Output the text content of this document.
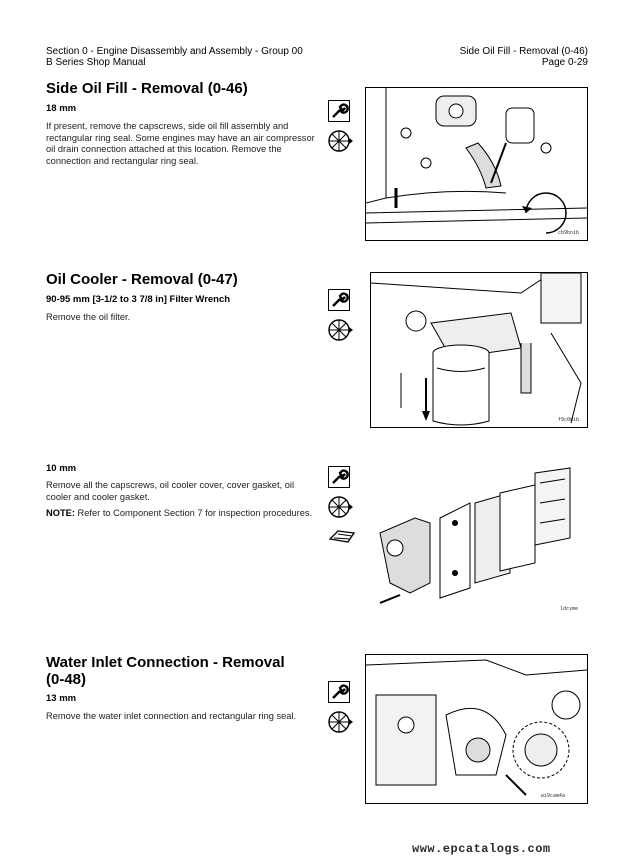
Section 0 - Engine Disassembly and Assembly - Group 00
B Series Shop Manual
Side Oil Fill - Removal (0-46)
Page 0-29
Side Oil Fill - Removal (0-46)
18 mm
If present, remove the capscrews, side oil fill assembly and rectangular ring seal. Some engines may have an air compressor oil drain connection attached at this location. Remove the connection and rectangular ring seal.
cb9bnib
Oil Cooler - Removal (0-47)
90-95 mm [3-1/2 to 3 7/8 in] Filter Wrench
Remove the oil filter.
f9c0mib
10 mm
Remove all the capscrews, oil cooler cover, cover gasket, oil cooler and cooler gasket.
NOTE: Refer to Component Section 7 for inspection procedures.
ldcvme
Water Inlet Connection - Removal
(0-48)
13 mm
Remove the water inlet connection and rectangular ring seal.
wi9cam4a
www.epcatalogs.com
